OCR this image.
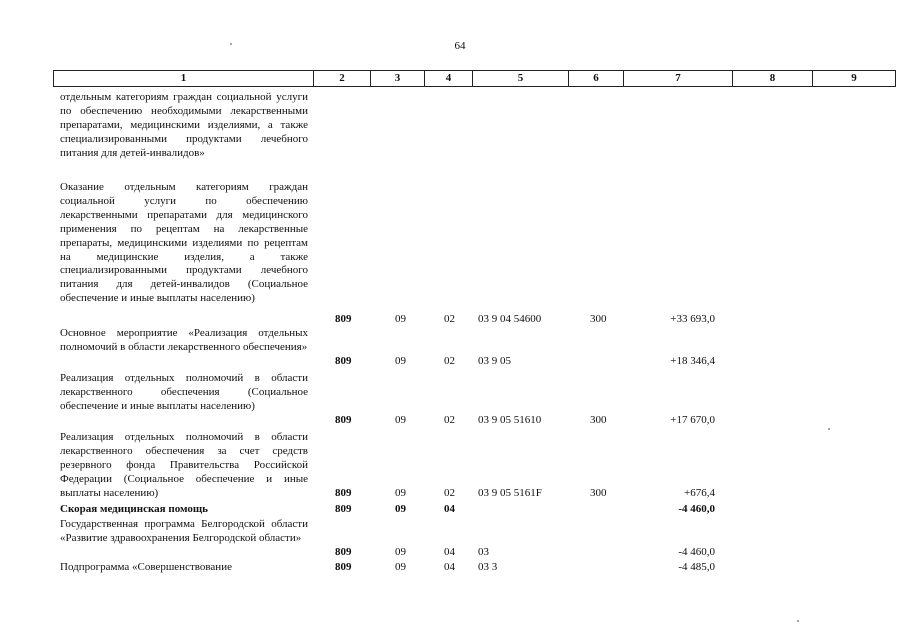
64
1	2	3	4	5	6	7	8	9
отдельным категориям граждан социальной услуги по обеспечению необходимыми лекарственными препаратами, медицинскими изделиями, а также специализированными продуктами лечебного питания для детей-инвалидов»
Оказание отдельным категориям граждан социальной услуги по обеспечению лекарственными препаратами для медицинского применения по рецептам на лекарственные препараты, медицинскими изделиями по рецептам на медицинские изделия, а также специализированными продуктами лечебного питания для детей-инвалидов (Социальное обеспечение и иные выплаты населению)
809	09	02 03 9 04 54600	300	+33 693,0
Основное мероприятие «Реализация отдельных полномочий в области лекарственного обеспечения»
809	09	02 03 9 05	+18 346,4
Реализация отдельных полномочий в области лекарственного обеспечения (Социальное обеспечение и иные выплаты населению)
809	09	02 03 9 05 51610	300	+17 670,0
Реализация отдельных полномочий в области лекарственного обеспечения за счет средств резервного фонда Правительства Российской Федерации (Социальное обеспечение и иные выплаты населению)	809	09	02 03 9 05 5161F	300	+676,4
Скорая медицинская помощь	809	09	04	-4 460,0
Государственная программа Белгородской области «Развитие здравоохранения Белгородской области»
809	09	04 03	-4 460,0
Подпрограмма «Совершенствование	809	09	04 03 3	-4 485,0
